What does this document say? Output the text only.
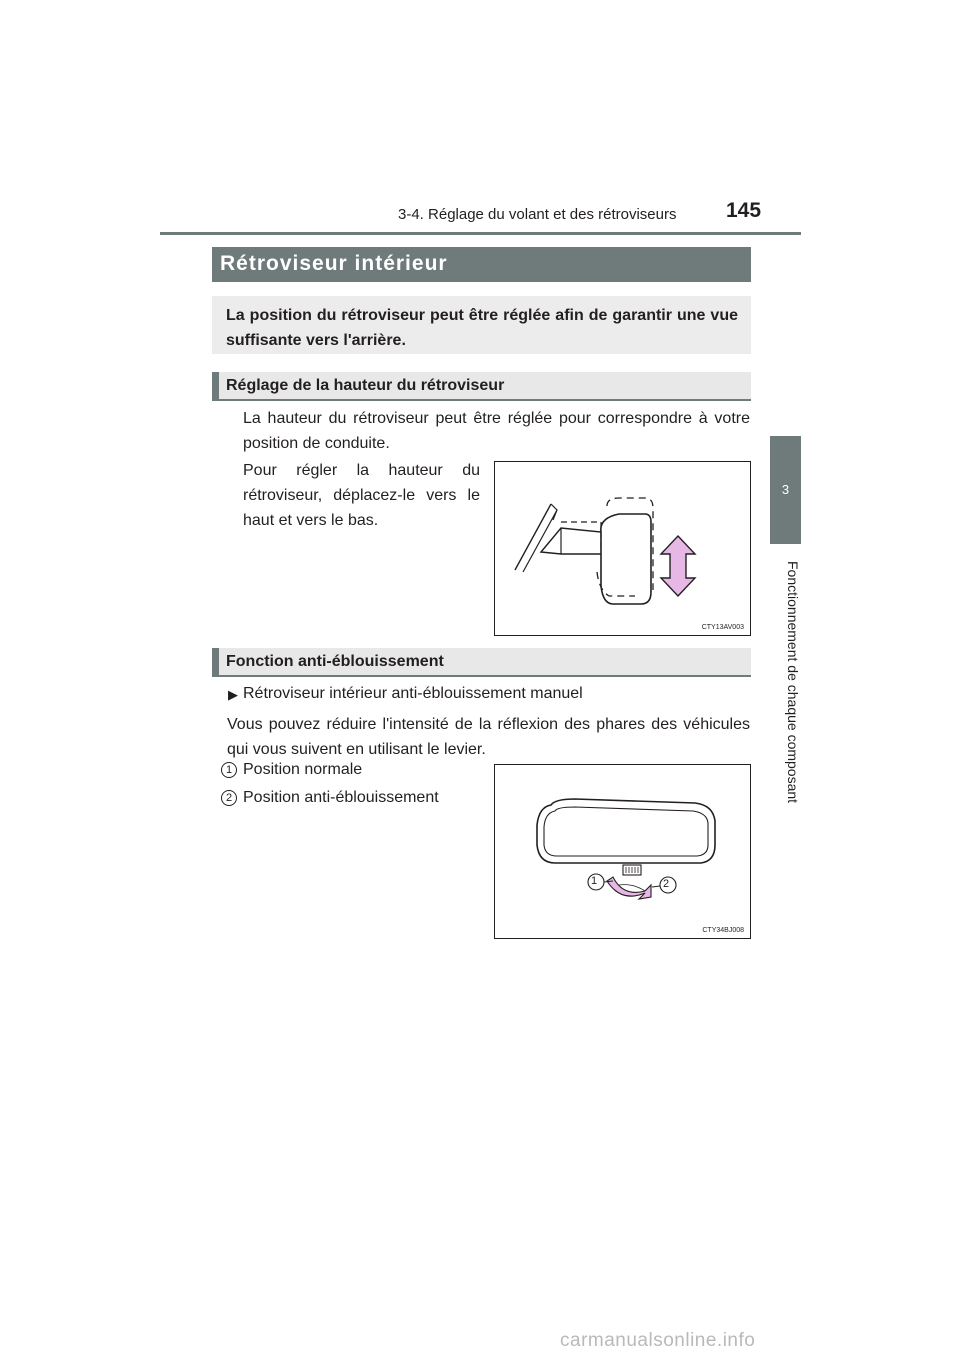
3-4. Réglage du volant et des rétroviseurs 145
3
Fonctionnement de chaque composant
Rétroviseur intérieur
La position du rétroviseur peut être réglée afin de garantir une vue suffisante vers l'arrière.
Réglage de la hauteur du rétroviseur
La hauteur du rétroviseur peut être réglée pour correspondre à votre position de conduite.
Pour régler la hauteur du rétroviseur, déplacez-le vers le haut et vers le bas.
CTY13AV003
Fonction anti-éblouissement
▶ Rétroviseur intérieur anti-éblouissement manuel
Vous pouvez réduire l'intensité de la réflexion des phares des véhicules qui vous suivent en utilisant le levier.
1 Position normale
2 Position anti-éblouissement
1	2
CTY34BJ008
carmanualsonline.info
